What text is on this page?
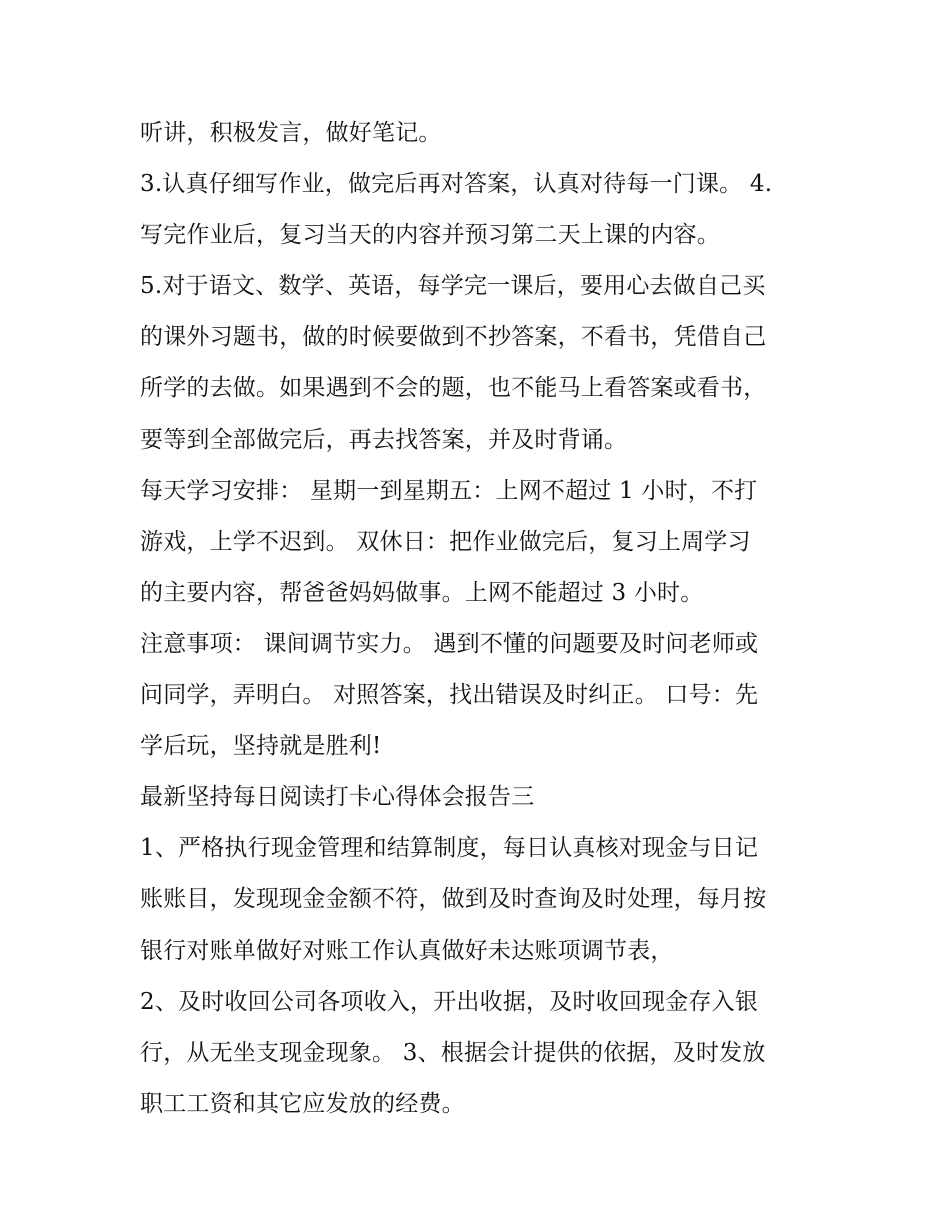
听讲，积极发言，做好笔记。
3.认真仔细写作业，做完后再对答案，认真对待每一门课。 4.
写完作业后，复习当天的内容并预习第二天上课的内容。
5.对于语文、数学、英语，每学完一课后，要用心去做自己买
的课外习题书，做的时候要做到不抄答案，不看书，凭借自己
所学的去做。如果遇到不会的题，也不能马上看答案或看书，
要等到全部做完后，再去找答案，并及时背诵。
每天学习安排： 星期一到星期五：上网不超过 1 小时，不打
游戏，上学不迟到。 双休日：把作业做完后，复习上周学习
的主要内容，帮爸爸妈妈做事。上网不能超过 3 小时。
注意事项： 课间调节实力。 遇到不懂的问题要及时问老师或
问同学，弄明白。 对照答案，找出错误及时纠正。 口号：先
学后玩，坚持就是胜利!
最新坚持每日阅读打卡心得体会报告三
1、严格执行现金管理和结算制度，每日认真核对现金与日记
账账目，发现现金金额不符，做到及时查询及时处理，每月按
银行对账单做好对账工作认真做好未达账项调节表，
2、及时收回公司各项收入，开出收据，及时收回现金存入银
行，从无坐支现金现象。 3、根据会计提供的依据，及时发放
职工工资和其它应发放的经费。
